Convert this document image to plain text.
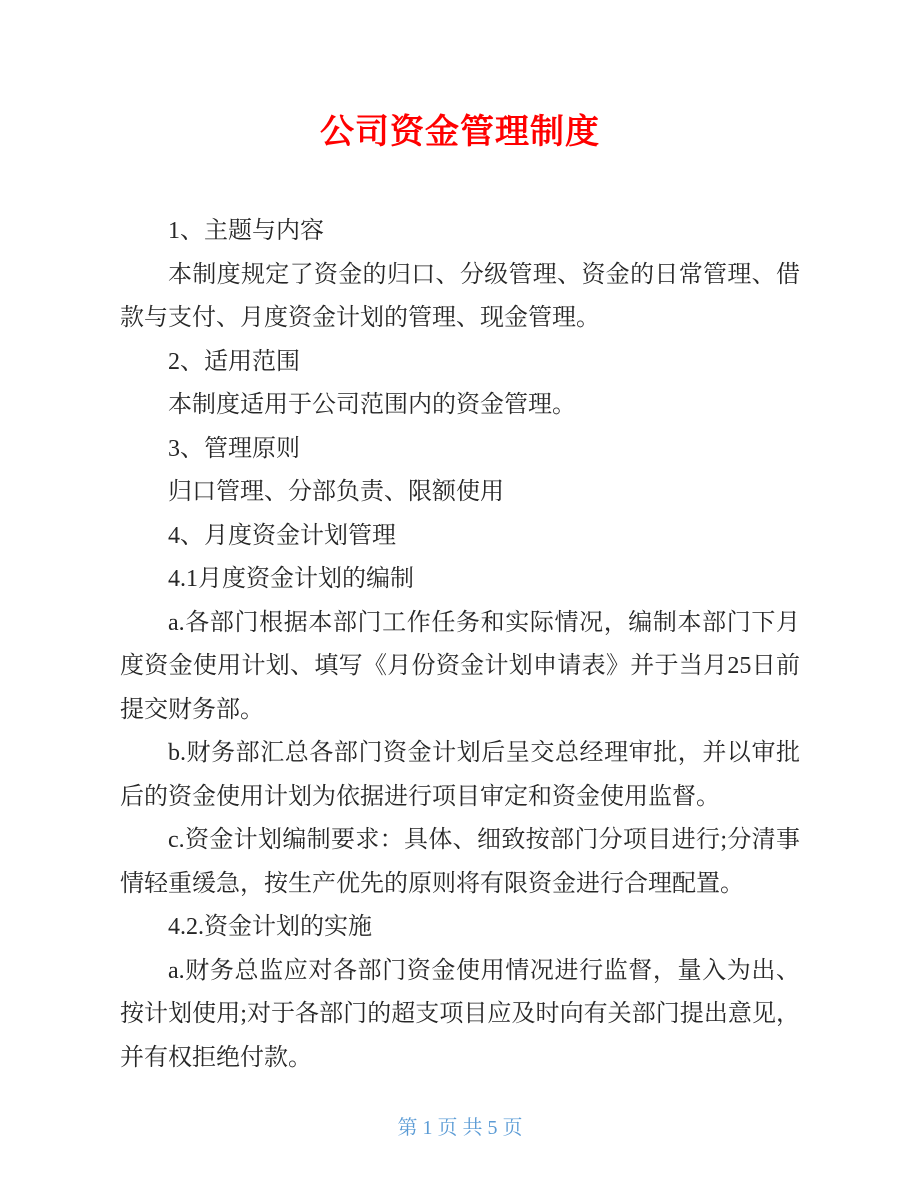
公司资金管理制度

1、主题与内容

本制度规定了资金的归口、分级管理、资金的日常管理、借款与支付、月度资金计划的管理、现金管理。

2、适用范围

本制度适用于公司范围内的资金管理。

3、管理原则

归口管理、分部负责、限额使用

4、月度资金计划管理

4.1月度资金计划的编制

a.各部门根据本部门工作任务和实际情况，编制本部门下月度资金使用计划、填写《月份资金计划申请表》并于当月25日前提交财务部。

b.财务部汇总各部门资金计划后呈交总经理审批，并以审批后的资金使用计划为依据进行项目审定和资金使用监督。

c.资金计划编制要求：具体、细致按部门分项目进行;分清事情轻重缓急，按生产优先的原则将有限资金进行合理配置。

4.2.资金计划的实施

a.财务总监应对各部门资金使用情况进行监督，量入为出、按计划使用;对于各部门的超支项目应及时向有关部门提出意见，并有权拒绝付款。

第 1 页 共 5 页
